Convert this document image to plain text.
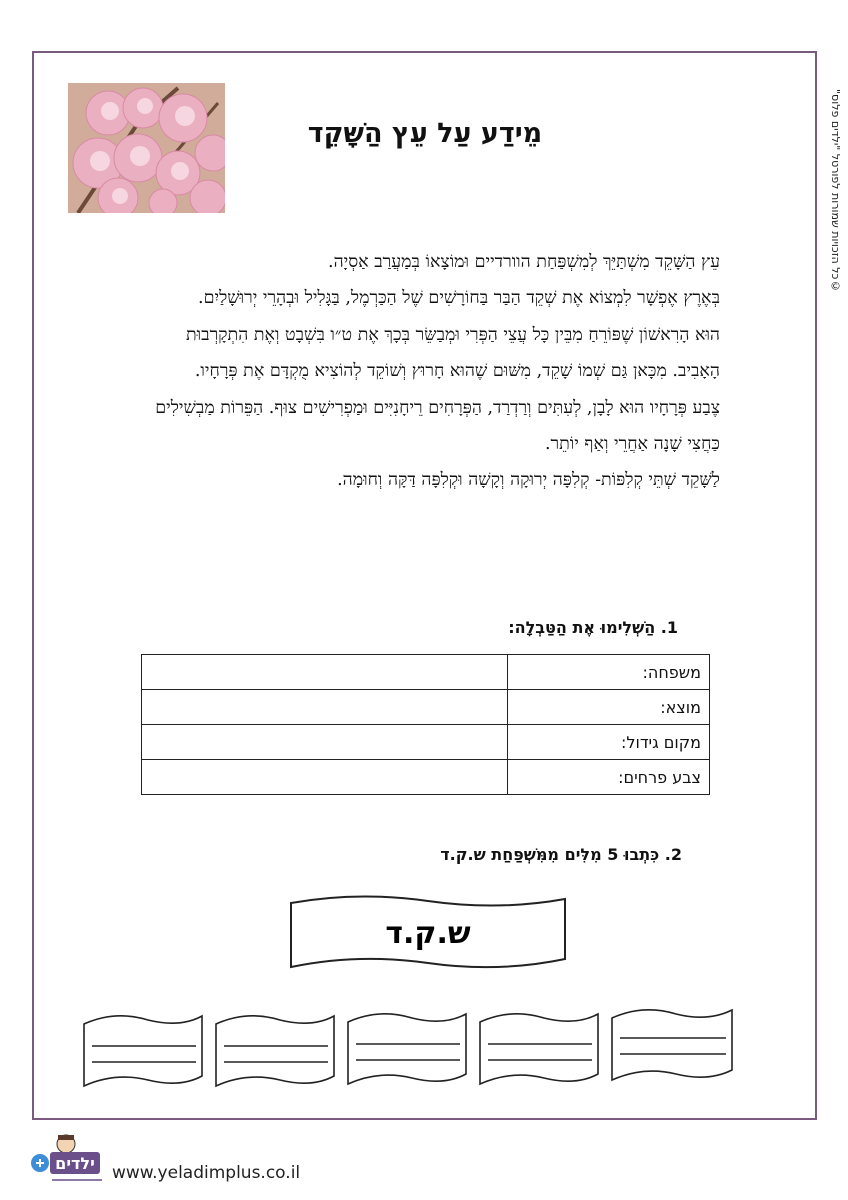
©כל הזכויות שמורות לפורטל "ילדים פלוס"
מֵידַע עַל עֵץ הַשָּׁקֵד

עֵץ הַשָּׁקֵד מִשְׁתַּיֵּךְ לְמִשְׁפַּחַת הוורדיים וּמוֹצָאוֹ בְּמַעֲרַב אַסְיָה.

בְּאֶרֶץ אֶפְשָׁר לִמְצוֹא אֶת שְׁקֵד הַבַּר בַּחוֹרָשִׁים שֶׁל הַכַּרְמֶל, בַּגָּלִיל וּבְהָרֵי יְרוּשָׁלַיִם.

הוּא הָרִאשׁוֹן שֶׁפּוֹרֵחַ מִבֵּין כָּל עֲצֵי הַפְּרִי וּמְבַשֵּׂר בְּכָךְ אֶת ט״ו בִּשְׁבָט וְאֶת הִתְקָרְבוּת הָאָבִיב. מִכָּאן גַּם שְׁמוֹ שָׁקֵד, מִשּׁוּם שֶׁהוּא חָרוּץ וְשׁוֹקֵד לְהוֹצִיא מֻקְדָּם אֶת פְּרָחָיו.

צֶבַע פְּרָחָיו הוּא לָבָן, לְעִתִּים וְרַדְרַד, הַפְּרָחִים רֵיחָנִיִּים וּמַפְרִישִׁים צוּף. הַפֵּרוֹת מַבְשִׁילִים כַּחֲצִי שָׁנָה אַחֲרֵי וְאַף יוֹתֵר.

לַשָּׁקֵד שְׁתֵּי קְלִפּוֹת- קְלִפָּה יְרוּקָה וְקָשָׁה וּקְלִפָּה דַּקָּה וְחוּמָה.

1. הַשְׁלִימוּ אֶת הַטַּבְלָה:
משפחה:	
מוצא:	
מקום גידול:	
צבע פרחים:	
2. כִּתְבוּ 5 מִלִּים מִמִּשְׁפַּחַת ש.ק.ד
ש.ק.ד
ילדים www.yeladimplus.co.il
